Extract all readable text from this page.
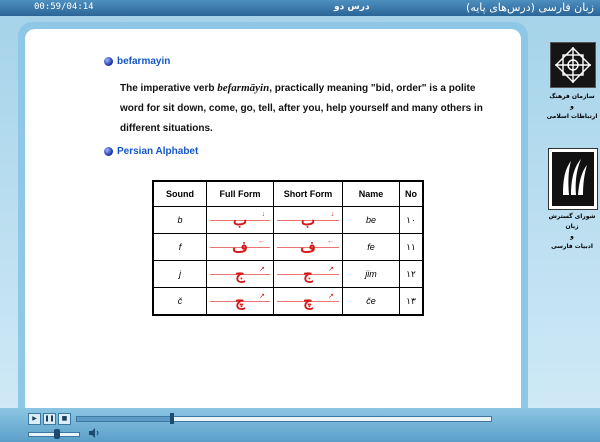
00:59/04:14	درس دو	زبان فارسی (درس‌های پایه)
befarmayin
The imperative verb befarmāyin, practically meaning "bid, order" is a polite word for sit down, come, go, tell, after you, help yourself and many others in different situations.
Persian Alphabet
Sound	Full Form	Short Form	Name	No
b	ب ↓	ب ↓	be	۱۰
f	ف ←	ف ←	fe	۱۱
j	ج ↗	ج ↗	jim	۱۲
č	چ ↗	چ ↗	če	۱۳
سازمان فرهنگ
و
ارتباطات اسلامی
شورای گسترش زبان
و
ادبیات فارسی
▶	❚❚	■
